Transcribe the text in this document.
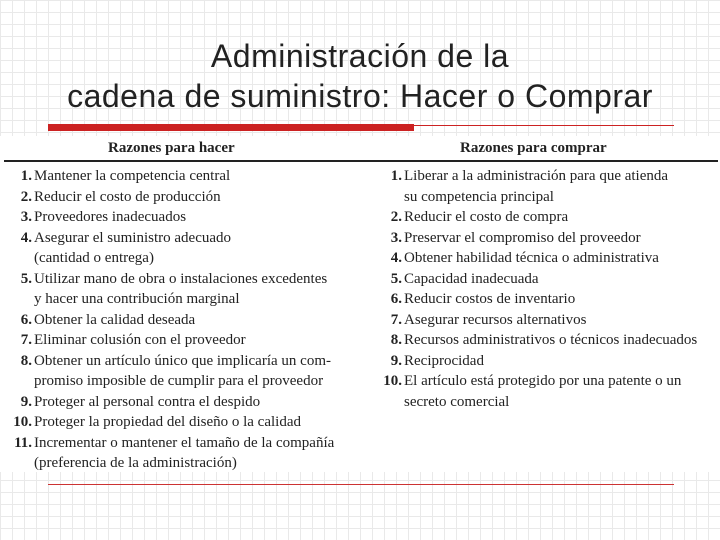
Administración de la
cadena de suministro: Hacer o Comprar
Razones para hacer	Razones para comprar
1. Mantener la competencia central
2. Reducir el costo de producción
3. Proveedores inadecuados
4. Asegurar el suministro adecuado
(cantidad o entrega)
5. Utilizar mano de obra o instalaciones excedentes
y hacer una contribución marginal
6. Obtener la calidad deseada
7. Eliminar colusión con el proveedor
8. Obtener un artículo único que implicaría un com-
promiso imposible de cumplir para el proveedor
9. Proteger al personal contra el despido
10. Proteger la propiedad del diseño o la calidad
11. Incrementar o mantener el tamaño de la compañía
(preferencia de la administración)
1. Liberar a la administración para que atienda
su competencia principal
2. Reducir el costo de compra
3. Preservar el compromiso del proveedor
4. Obtener habilidad técnica o administrativa
5. Capacidad inadecuada
6. Reducir costos de inventario
7. Asegurar recursos alternativos
8. Recursos administrativos o técnicos inadecuados
9. Reciprocidad
10. El artículo está protegido por una patente o un
secreto comercial
